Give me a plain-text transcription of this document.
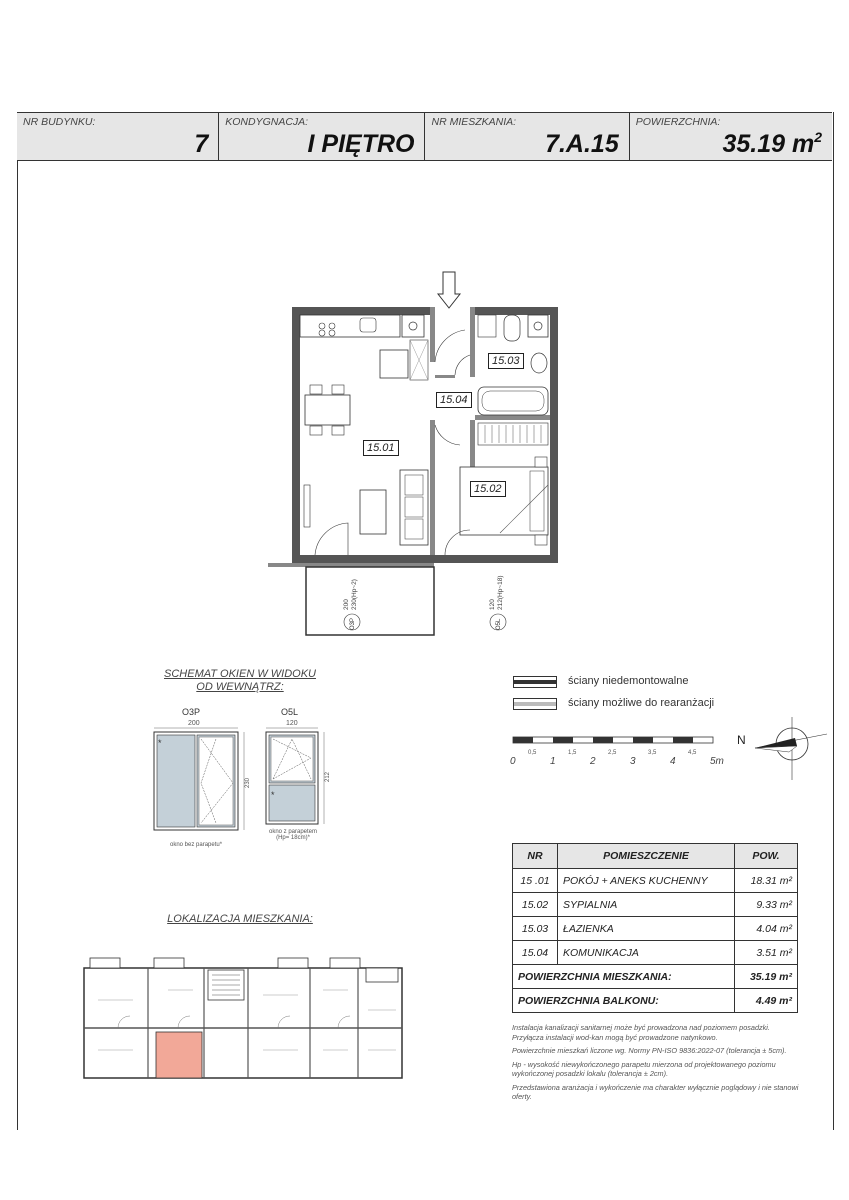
NR BUDYNKU:
7
KONDYGNACJA:
I PIĘTRO
NR MIESZKANIA:
7.A.15
POWIERZCHNIA:
35.19 $m^2$
200 230(Hp~2)
O3P
120 212(Hp~18)
O5L
15.03
15.04
15.01
15.02
SCHEMAT OKIEN W WIDOKU
OD WEWNĄTRZ:
O3P
200
*
230
okno bez parapetu*
O5L
120
*
212
okno z parapetem
(Hp= 18cm)*
ściany niedemontowalne
ściany możliwe do rearanżacji
0	1	2	3	4	5m
0,5	1,5	2,5	3,5	4,5
N
LOKALIZACJA MIESZKANIA:
NR	POMIESZCZENIE	POW.
15 .01	POKÓJ + ANEKS KUCHENNY	18.31 m²
15.02	SYPIALNIA	9.33 m²
15.03	ŁAZIENKA	4.04 m²
15.04	KOMUNIKACJA	3.51 m²
POWIERZCHNIA MIESZKANIA:		35.19 m²
POWIERZCHNIA BALKONU:		4.49 m²

Instalacja kanalizacji sanitarnej może być prowadzona nad poziomem posadzki. Przyłącza instalacji wod-kan mogą być prowadzone natynkowo.

Powierzchnie mieszkań liczone wg. Normy PN-ISO 9836:2022-07 (tolerancja ± 5cm).

Hp - wysokość niewykończonego parapetu mierzona od projektowanego poziomu wykończonej posadzki lokalu (tolerancja ± 2cm).

Przedstawiona aranżacja i wykończenie ma charakter wyłącznie poglądowy i nie stanowi oferty.
